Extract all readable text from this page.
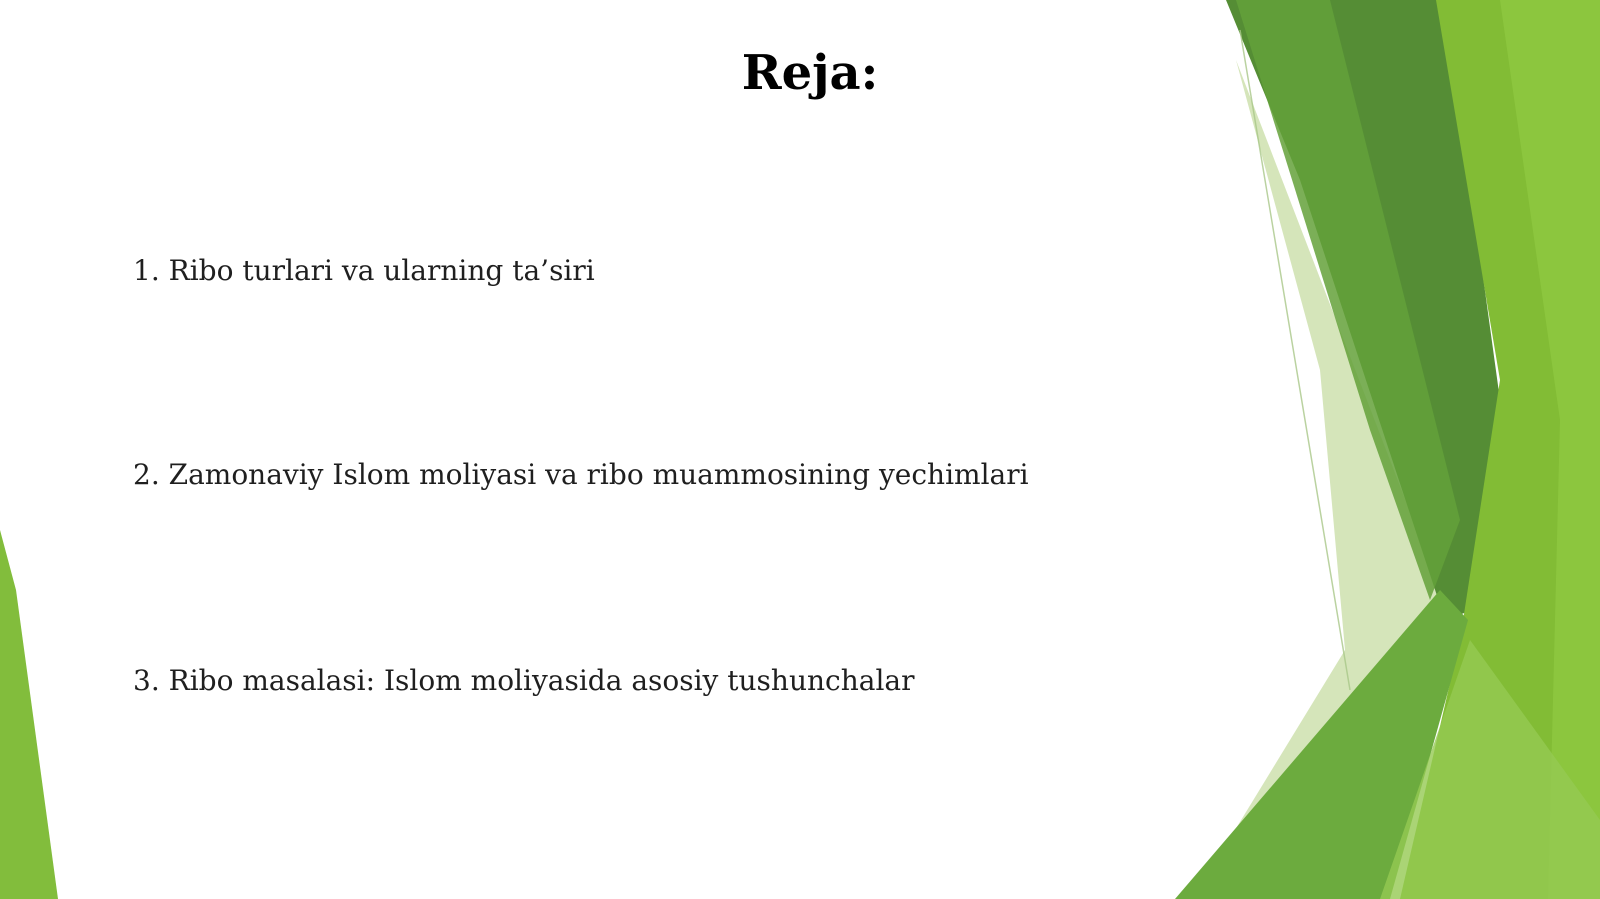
Reja:

1. Ribo turlari va ularning ta’siri

2. Zamonaviy Islom moliyasi va ribo muammosining yechimlari

3. Ribo masalasi: Islom moliyasida asosiy tushunchalar
